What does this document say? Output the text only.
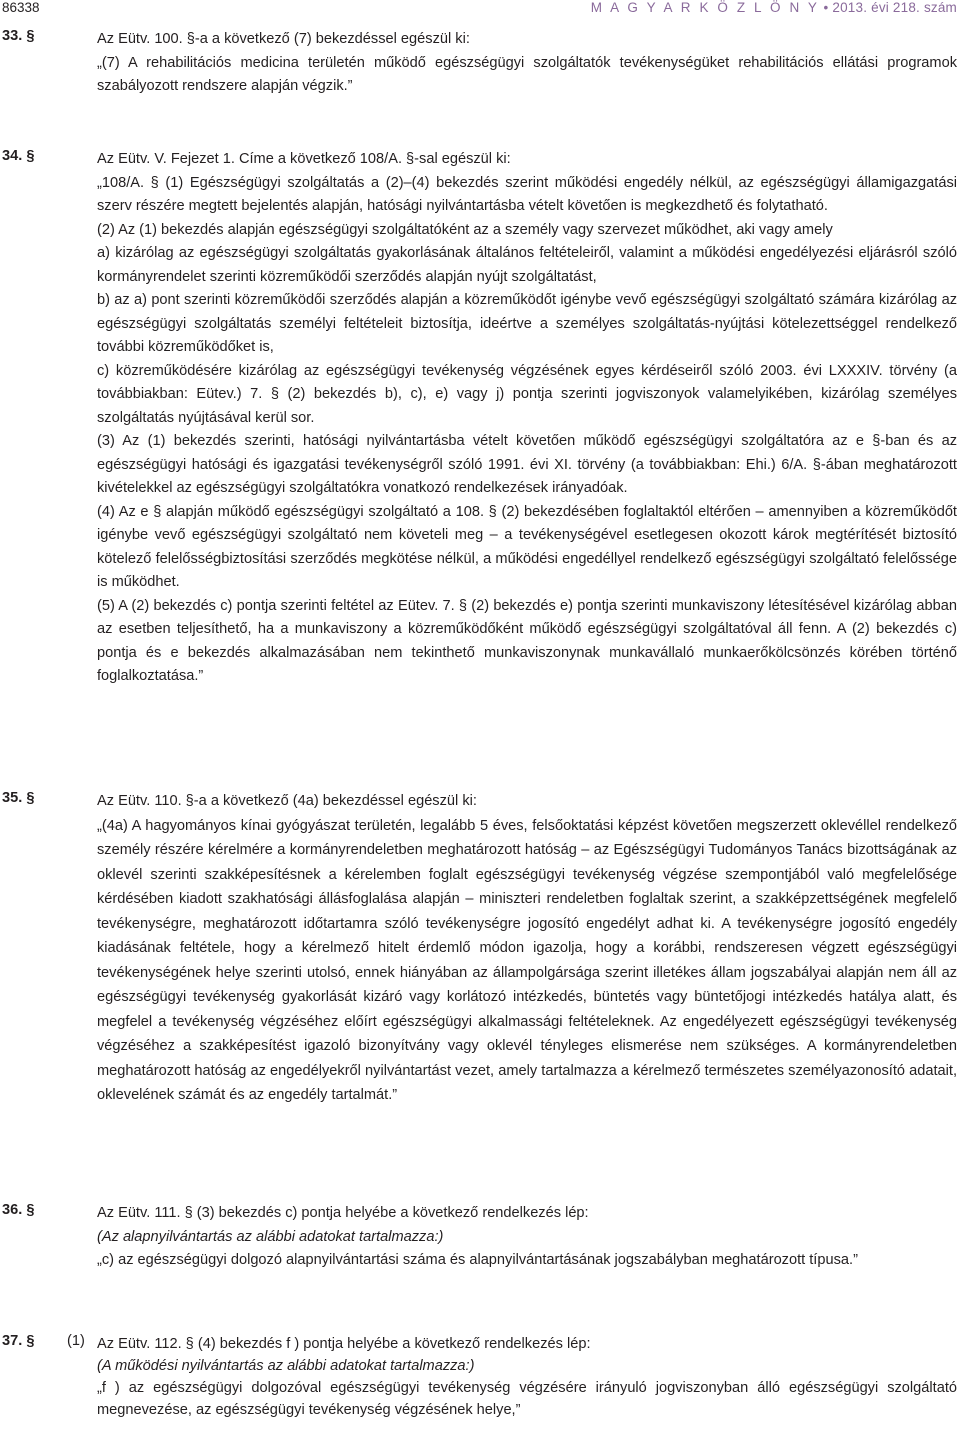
86338	M A G Y A R K Ö Z L Ö N Y • 2013. évi 218. szám
33. §	Az Eütv. 100. §-a a következő (7) bekezdéssel egészül ki:

„(7) A rehabilitációs medicina területén működő egészségügyi szolgáltatók tevékenységüket rehabilitációs ellátási programok szabályozott rendszere alapján végzik.”

34. §	Az Eütv. V. Fejezet 1. Címe a következő 108/A. §-sal egészül ki:

„108/A. § (1) Egészségügyi szolgáltatás a (2)–(4) bekezdés szerint működési engedély nélkül, az egészségügyi államigazgatási szerv részére megtett bejelentés alapján, hatósági nyilvántartásba vételt követően is megkezdhető és folytatható.

(2) Az (1) bekezdés alapján egészségügyi szolgáltatóként az a személy vagy szervezet működhet, aki vagy amely

a) kizárólag az egészségügyi szolgáltatás gyakorlásának általános feltételeiről, valamint a működési engedélyezési eljárásról szóló kormányrendelet szerinti közreműködői szerződés alapján nyújt szolgáltatást,

b) az a) pont szerinti közreműködői szerződés alapján a közreműködőt igénybe vevő egészségügyi szolgáltató számára kizárólag az egészségügyi szolgáltatás személyi feltételeit biztosítja, ideértve a személyes szolgáltatás-nyújtási kötelezettséggel rendelkező további közreműködőket is,

c) közreműködésére kizárólag az egészségügyi tevékenység végzésének egyes kérdéseiről szóló 2003. évi LXXXIV. törvény (a továbbiakban: Eütev.) 7. § (2) bekezdés b), c), e) vagy j) pontja szerinti jogviszonyok valamelyikében, kizárólag személyes szolgáltatás nyújtásával kerül sor.

(3) Az (1) bekezdés szerinti, hatósági nyilvántartásba vételt követően működő egészségügyi szolgáltatóra az e §-ban és az egészségügyi hatósági és igazgatási tevékenységről szóló 1991. évi XI. törvény (a továbbiakban: Ehi.) 6/A. §-ában meghatározott kivételekkel az egészségügyi szolgáltatókra vonatkozó rendelkezések irányadóak.

(4) Az e § alapján működő egészségügyi szolgáltató a 108. § (2) bekezdésében foglaltaktól eltérően – amennyiben a közreműködőt igénybe vevő egészségügyi szolgáltató nem követeli meg – a tevékenységével esetlegesen okozott károk megtérítését biztosító kötelező felelősségbiztosítási szerződés megkötése nélkül, a működési engedéllyel rendelkező egészségügyi szolgáltató felelőssége is működhet.

(5) A (2) bekezdés c) pontja szerinti feltétel az Eütev. 7. § (2) bekezdés e) pontja szerinti munkaviszony létesítésével kizárólag abban az esetben teljesíthető, ha a munkaviszony a közreműködőként működő egészségügyi szolgáltatóval áll fenn. A (2) bekezdés c) pontja és e bekezdés alkalmazásában nem tekinthető munkaviszonynak munkavállaló munkaerőkölcsönzés körében történő foglalkoztatása.”

35. §	Az Eütv. 110. §-a a következő (4a) bekezdéssel egészül ki:

„(4a) A hagyományos kínai gyógyászat területén, legalább 5 éves, felsőoktatási képzést követően megszerzett oklevéllel rendelkező személy részére kérelmére a kormányrendeletben meghatározott hatóság – az Egészségügyi Tudományos Tanács bizottságának az oklevél szerinti szakképesítésnek a kérelemben foglalt egészségügyi tevékenység végzése szempontjából való megfelelősége kérdésében kiadott szakhatósági állásfoglalása alapján – miniszteri rendeletben foglaltak szerint, a szakképzettségének megfelelő tevékenységre, meghatározott időtartamra szóló tevékenységre jogosító engedélyt adhat ki. A tevékenységre jogosító engedély kiadásának feltétele, hogy a kérelmező hitelt érdemlő módon igazolja, hogy a korábbi, rendszeresen végzett egészségügyi tevékenységének helye szerinti utolsó, ennek hiányában az állampolgársága szerint illetékes állam jogszabályai alapján nem áll az egészségügyi tevékenység gyakorlását kizáró vagy korlátozó intézkedés, büntetés vagy büntetőjogi intézkedés hatálya alatt, és megfelel a tevékenység végzéséhez előírt egészségügyi alkalmassági feltételeknek. Az engedélyezett egészségügyi tevékenység végzéséhez a szakképesítést igazoló bizonyítvány vagy oklevél tényleges elismerése nem szükséges. A kormányrendeletben meghatározott hatóság az engedélyekről nyilvántartást vezet, amely tartalmazza a kérelmező természetes személyazonosító adatait, oklevelének számát és az engedély tartalmát.”

36. §	Az Eütv. 111. § (3) bekezdés c) pontja helyébe a következő rendelkezés lép:

(Az alapnyilvántartás az alábbi adatokat tartalmazza:)

„c) az egészségügyi dolgozó alapnyilvántartási száma és alapnyilvántartásának jogszabályban meghatározott típusa.”

37. § (1) Az Eütv. 112. § (4) bekezdés f ) pontja helyébe a következő rendelkezés lép:

(A működési nyilvántartás az alábbi adatokat tartalmazza:)

„f ) az egészségügyi dolgozóval egészségügyi tevékenység végzésére irányuló jogviszonyban álló egészségügyi szolgáltató megnevezése, az egészségügyi tevékenység végzésének helye,”
